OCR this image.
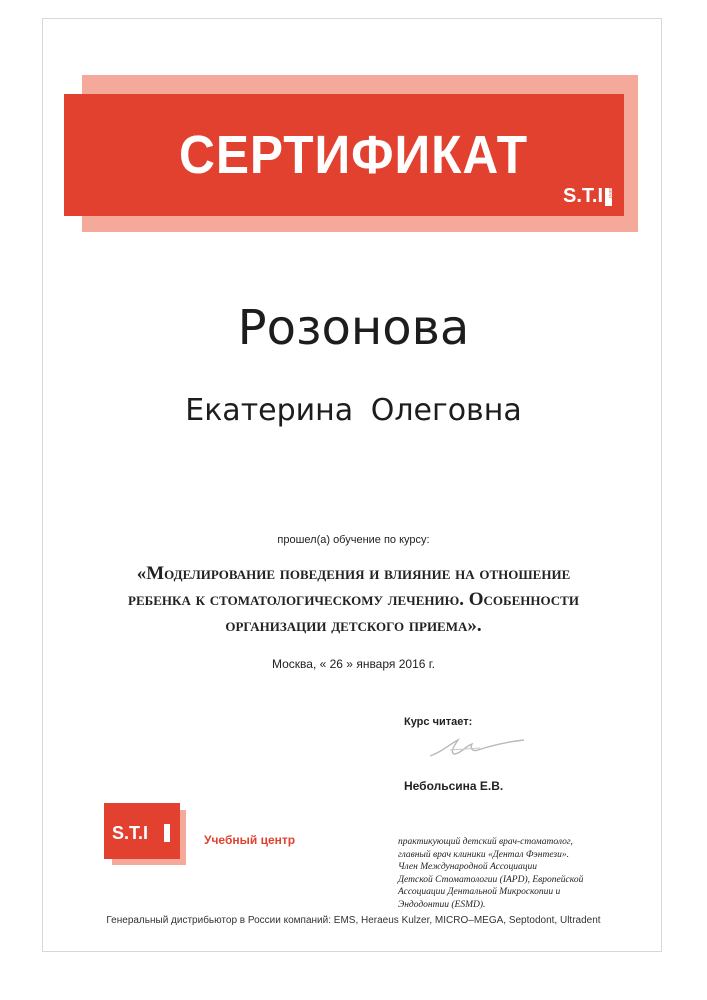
СЕРТИФИКАТ
S.T.I	DENT
Розонова
Екатерина Олеговна
прошел(а) обучение по курсу:
«Моделирование поведения и влияние на отношение
ребенка к стоматологическому лечению. Особенности
организации детского приема».
Москва, « 26 » января 2016 г.
Курс читает:
Небольсина Е.В.
S.T.I	Учебный центр	практикующий детский врач-стоматолог,
главный врач клиники «Дентал Фэнтези».
Член Международной Ассоциации
Детской Стоматологии (IAPD), Европейской
Ассоциации Дентальной Микроскопии и
Эндодонтии (ESMD).
Генеральный дистрибьютор в России компаний: EMS, Heraeus Kulzer, MICRO–MEGA, Septodont, Ultradent
